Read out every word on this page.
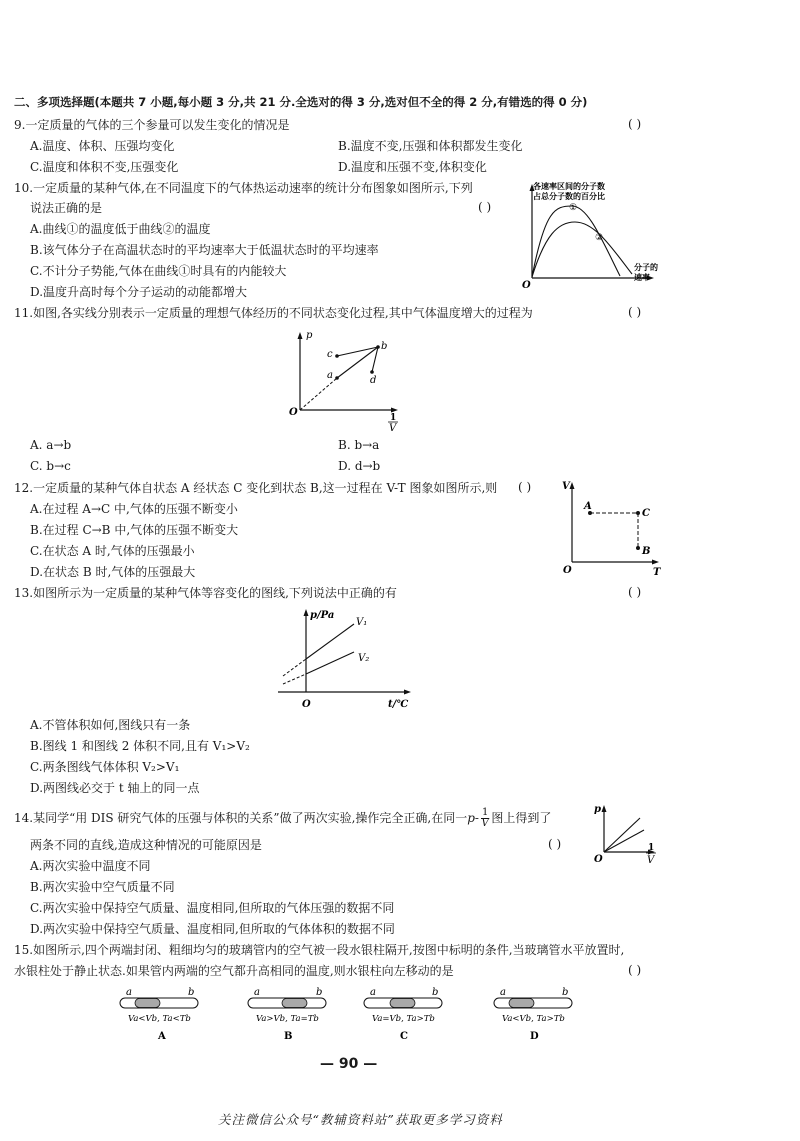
二、多项选择题(本题共 7 小题,每小题 3 分,共 21 分.全选对的得 3 分,选对但不全的得 2 分,有错选的得 0 分)
9.一定质量的气体的三个参量可以发生变化的情况是	( )
A.温度、体积、压强均变化	B.温度不变,压强和体积都发生变化
C.温度和体积不变,压强变化	D.温度和压强不变,体积变化
10.一定质量的某种气体,在不同温度下的气体热运动速率的统计分布图象如图所示,下列
说法正确的是	( )
A.曲线①的温度低于曲线②的温度
B.该气体分子在高温状态时的平均速率大于低温状态时的平均速率
C.不计分子势能,气体在曲线①时具有的内能较大
D.温度升高时每个分子运动的动能都增大
各速率区间的分子数
占总分子数的百分比
分子的
速率
O
①
②
11.如图,各实线分别表示一定质量的理想气体经历的不同状态变化过程,其中气体温度增大的过程为	( )
p
O	1
V
a
b
c
d
A. a→b	B. b→a
C. b→c	D. d→b
12.一定质量的某种气体自状态 A 经状态 C 变化到状态 B,这一过程在 V-T 图象如图所示,则 ( )
A.在过程 A→C 中,气体的压强不断变小
B.在过程 C→B 中,气体的压强不断变大
C.在状态 A 时,气体的压强最小
D.在状态 B 时,气体的压强最大
V
T
O
A
C
B
13.如图所示为一定质量的某种气体等容变化的图线,下列说法中正确的有	( )
p/Pa
t/℃
O
V₁
V₂
A.不管体积如何,图线只有一条
B.图线 1 和图线 2 体积不同,且有 V₁>V₂
C.两条图线气体体积 V₂>V₁
D.两图线必交于 t 轴上的同一点
14.某同学“用 DIS 研究气体的压强与体积的关系”做了两次实验,操作完全正确,在同一$p- \frac{1}{V}$ 图上得到了
两条不同的直线,造成这种情况的可能原因是	( )
A.两次实验中温度不同
B.两次实验中空气质量不同
C.两次实验中保持空气质量、温度相同,但所取的气体压强的数据不同
D.两次实验中保持空气质量、温度相同,但所取的气体体积的数据不同
p
O
1
V
15.如图所示,四个两端封闭、粗细均匀的玻璃管内的空气被一段水银柱隔开,按图中标明的条件,当玻璃管水平放置时,
水银柱处于静止状态.如果管内两端的空气都升高相同的温度,则水银柱向左移动的是	( )
a	b
Va<Vb, Ta<Tb
A
a	b
Va>Vb, Ta=Tb
B
a	b
Va=Vb, Ta>Tb
C
a	b
Va<Vb, Ta>Tb
D
— 90 —
关注微信公众号“教辅资料站”获取更多学习资料
